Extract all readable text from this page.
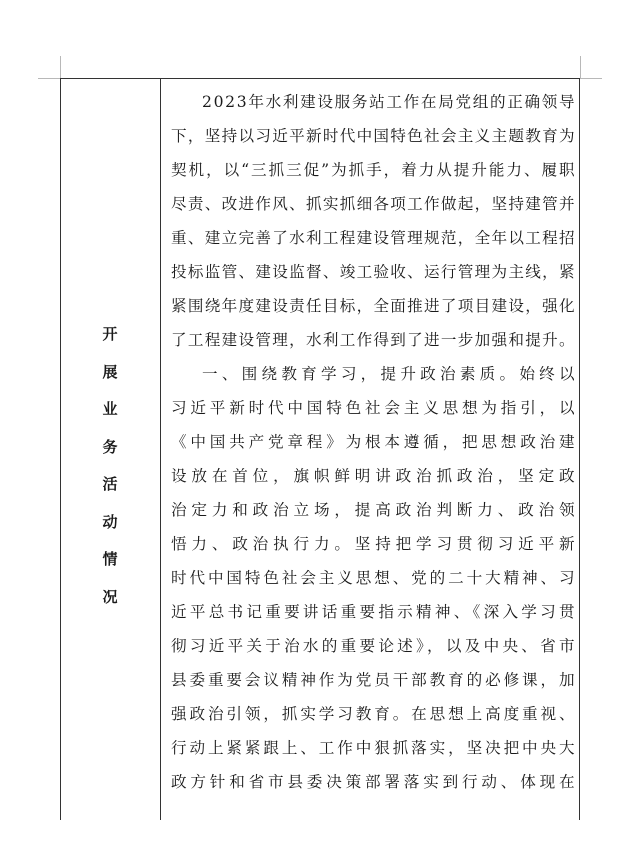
开
展
业
务
活
动
情
况
2023年水利建设服务站工作在局党组的正确领导
下，坚持以习近平新时代中国特色社会主义主题教育为
契机，以“三抓三促”为抓手，着力从提升能力、履职
尽责、改进作风、抓实抓细各项工作做起，坚持建管并
重、建立完善了水利工程建设管理规范，全年以工程招
投标监管、建设监督、竣工验收、运行管理为主线，紧
紧围绕年度建设责任目标，全面推进了项目建设，强化
了工程建设管理，水利工作得到了进一步加强和提升。
一、围绕教育学习，提升政治素质。始终以
习近平新时代中国特色社会主义思想为指引，以
《中国共产党章程》为根本遵循，把思想政治建
设放在首位，旗帜鲜明讲政治抓政治，坚定政
治定力和政治立场，提高政治判断力、政治领
悟力、政治执行力。坚持把学习贯彻习近平新
时代中国特色社会主义思想、党的二十大精神、习
近平总书记重要讲话重要指示精神、《深入学习贯
彻习近平关于治水的重要论述》，以及中央、省市
县委重要会议精神作为党员干部教育的必修课，加
强政治引领，抓实学习教育。在思想上高度重视、
行动上紧紧跟上、工作中狠抓落实，坚决把中央大
政方针和省市县委决策部署落实到行动、体现在
